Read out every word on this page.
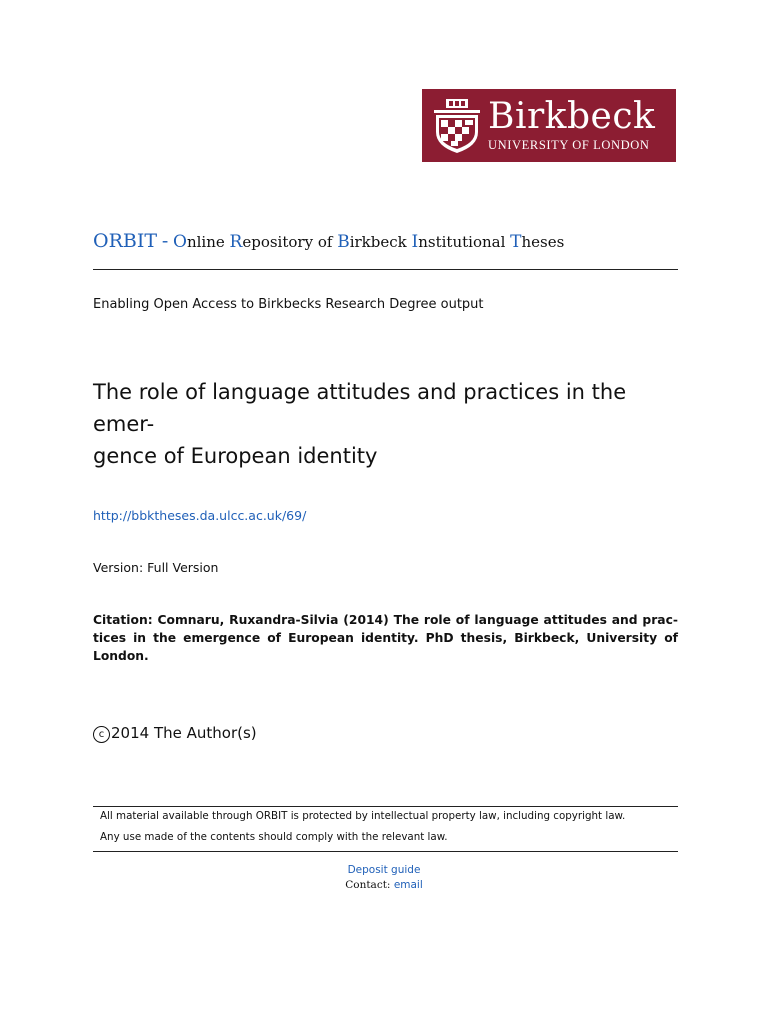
Birkbeck
UNIVERSITY OF LONDON
ORBIT - Online Repository of Birkbeck Institutional Theses
Enabling Open Access to Birkbecks Research Degree output
The role of language attitudes and practices in the emer-
gence of European identity
http://bbktheses.da.ulcc.ac.uk/69/
Version: Full Version
Citation: Comnaru, Ruxandra-Silvia (2014) The role of language attitudes and prac-
tices in the emergence of European identity. PhD thesis, Birkbeck, University of
London.
c 2014 The Author(s)
All material available through ORBIT is protected by intellectual property law, including copyright law.
Any use made of the contents should comply with the relevant law.
Deposit guide
Contact: email
